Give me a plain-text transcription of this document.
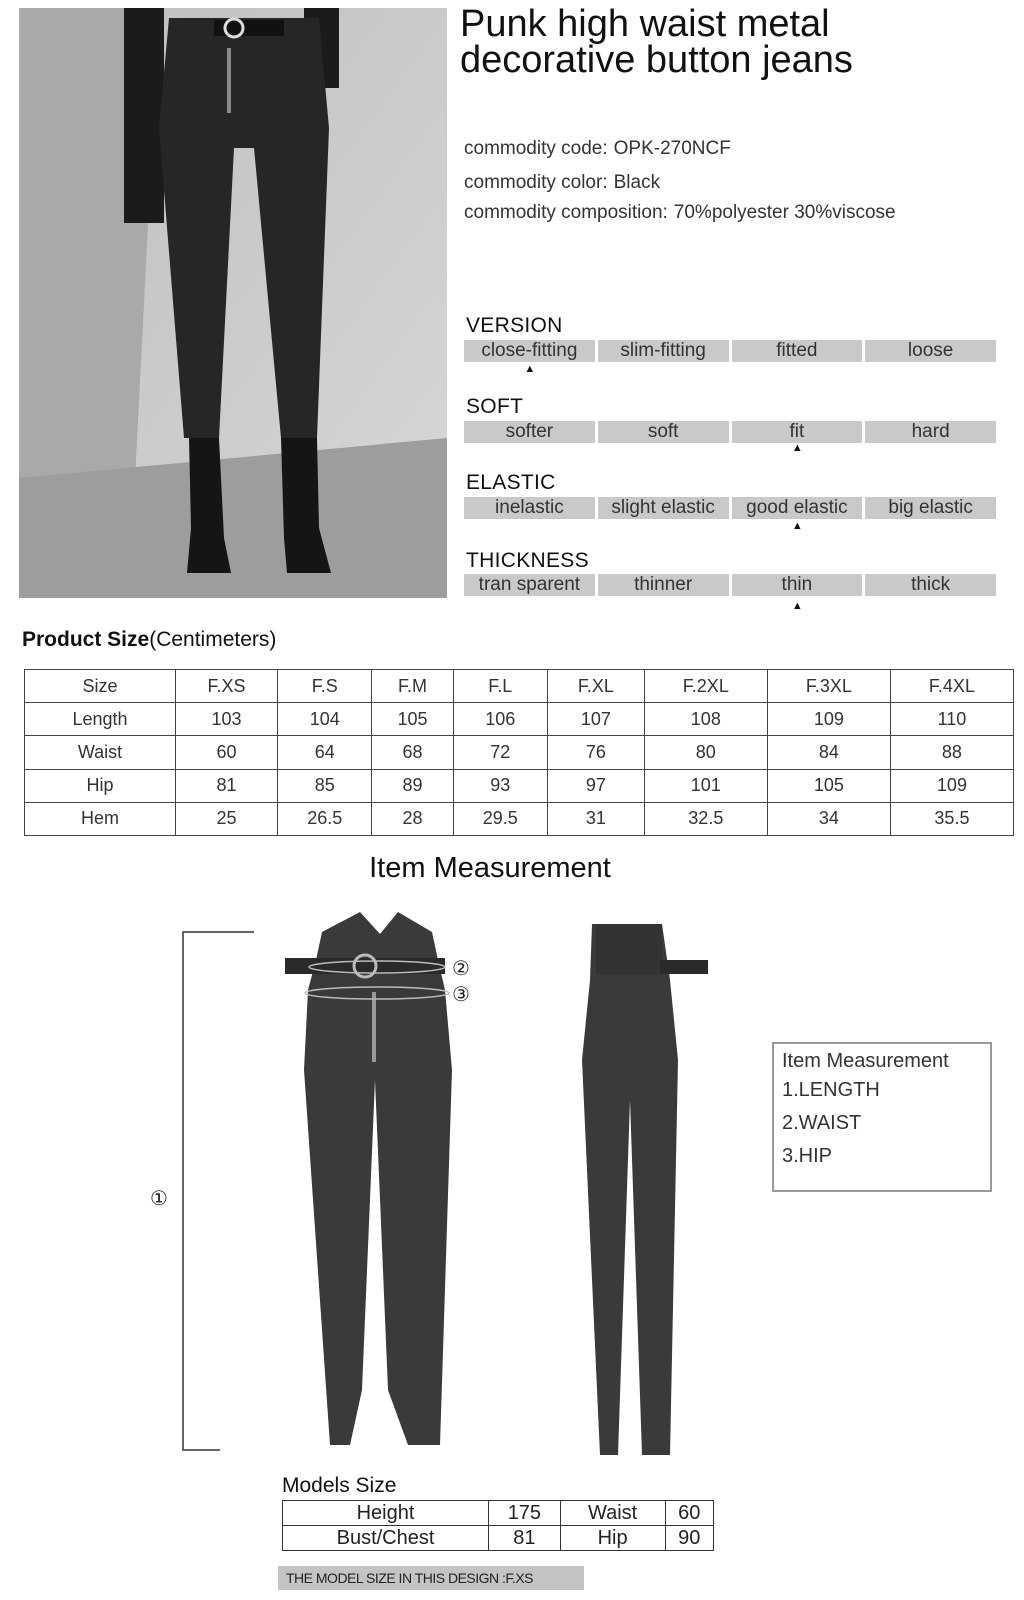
Punk high waist metal decorative button jeans
commodity code: OPK-270NCF
commodity color: Black
commodity composition: 70%polyester 30%viscose
VERSION
close-fitting	slim-fitting	fitted	loose
▲
SOFT
softer	soft	fit	hard
▲
ELASTIC
inelastic	slight elastic	good elastic	big elastic
▲
THICKNESS
tran sparent	thinner	thin	thick
▲
Product Size(Centimeters)
Size	F.XS	F.S	F.M	F.L	F.XL	F.2XL	F.3XL	F.4XL
Length	103	104	105	106	107	108	109	110
Waist	60	64	68	72	76	80	84	88
Hip	81	85	89	93	97	101	105	109
Hem	25	26.5	28	29.5	31	32.5	34	35.5
Item Measurement
①
②
③
Item Measurement
1.LENGTH
2.WAIST
3.HIP
Models Size
Height	175	Waist	60
Bust/Chest	81	Hip	90
THE MODEL SIZE IN THIS DESIGN :F.XS
